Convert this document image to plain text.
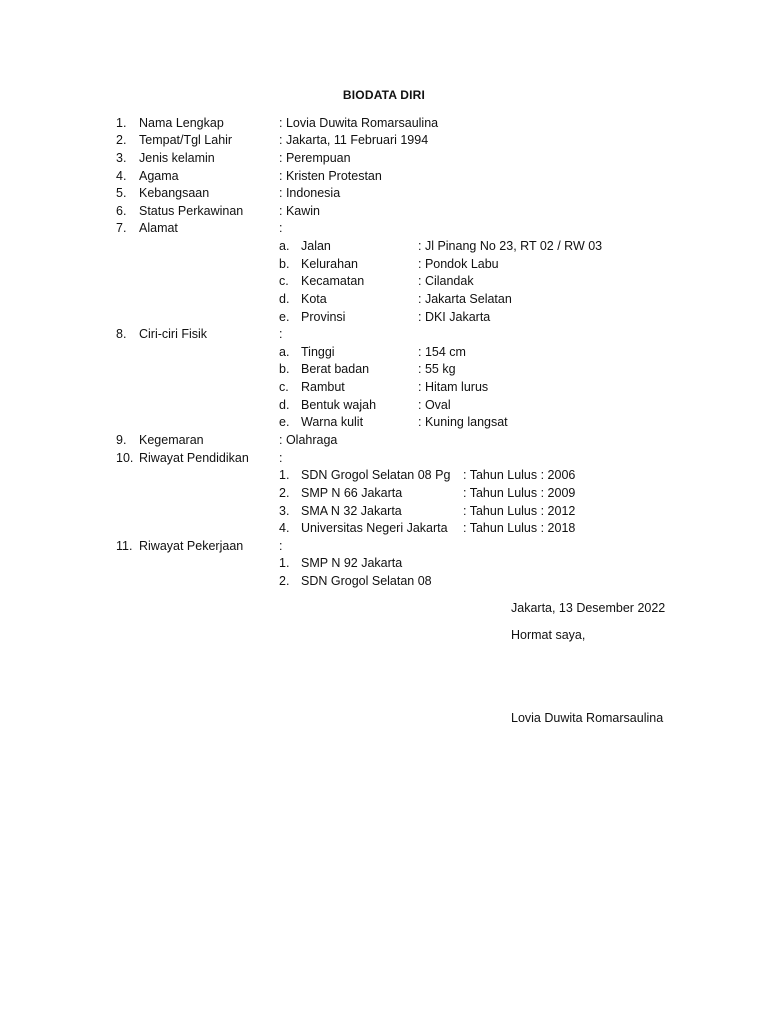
BIODATA DIRI
1. Nama Lengkap	: Lovia Duwita Romarsaulina
2. Tempat/Tgl Lahir	: Jakarta, 11 Februari 1994
3. Jenis kelamin	: Perempuan
4. Agama	: Kristen Protestan
5. Kebangsaan	: Indonesia
6. Status Perkawinan	: Kawin
7. Alamat	:
a. Jalan	: Jl Pinang No 23, RT 02 / RW 03
b. Kelurahan	: Pondok Labu
c. Kecamatan	: Cilandak
d. Kota	: Jakarta Selatan
e. Provinsi	: DKI Jakarta
8. Ciri-ciri Fisik	:
a. Tinggi	: 154 cm
b. Berat badan	: 55 kg
c. Rambut	: Hitam lurus
d. Bentuk wajah	: Oval
e. Warna kulit	: Kuning langsat
9. Kegemaran	: Olahraga
10. Riwayat Pendidikan :
1. SDN Grogol Selatan 08 Pg : Tahun Lulus : 2006
2. SMP N 66 Jakarta	: Tahun Lulus : 2009
3. SMA N 32 Jakarta	: Tahun Lulus : 2012
4. Universitas Negeri Jakarta : Tahun Lulus : 2018
11. Riwayat Pekerjaan	:
1. SMP N 92 Jakarta
2. SDN Grogol Selatan 08
Jakarta, 13 Desember 2022
Hormat saya,
Lovia Duwita Romarsaulina
